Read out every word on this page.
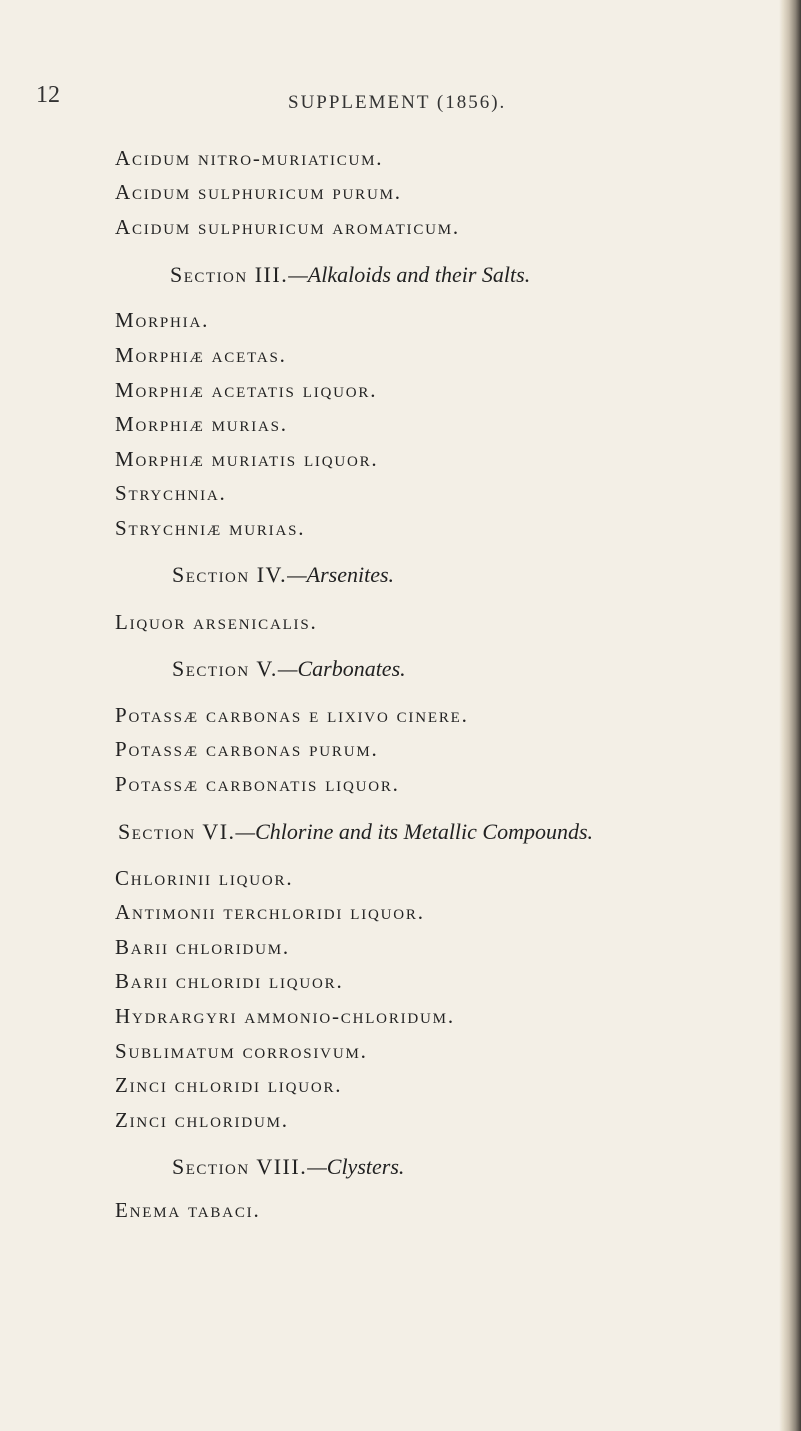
12	SUPPLEMENT (1856).

Acidum nitro-muriaticum.

Acidum sulphuricum purum.

Acidum sulphuricum aromaticum.

Section III.—Alkaloids and their Salts.

Morphia.

Morphiæ acetas.

Morphiæ acetatis liquor.

Morphiæ murias.

Morphiæ muriatis liquor.

Strychnia.

Strychniæ murias.

Section IV.—Arsenites.

Liquor arsenicalis.

Section V.—Carbonates.

Potassæ carbonas e lixivo cinere.

Potassæ carbonas purum.

Potassæ carbonatis liquor.

Section VI.—Chlorine and its Metallic Compounds.

Chlorinii liquor.

Antimonii terchloridi liquor.

Barii chloridum.

Barii chloridi liquor.

Hydrargyri ammonio-chloridum.

Sublimatum corrosivum.

Zinci chloridi liquor.

Zinci chloridum.

Section VIII.—Clysters.

Enema tabaci.
